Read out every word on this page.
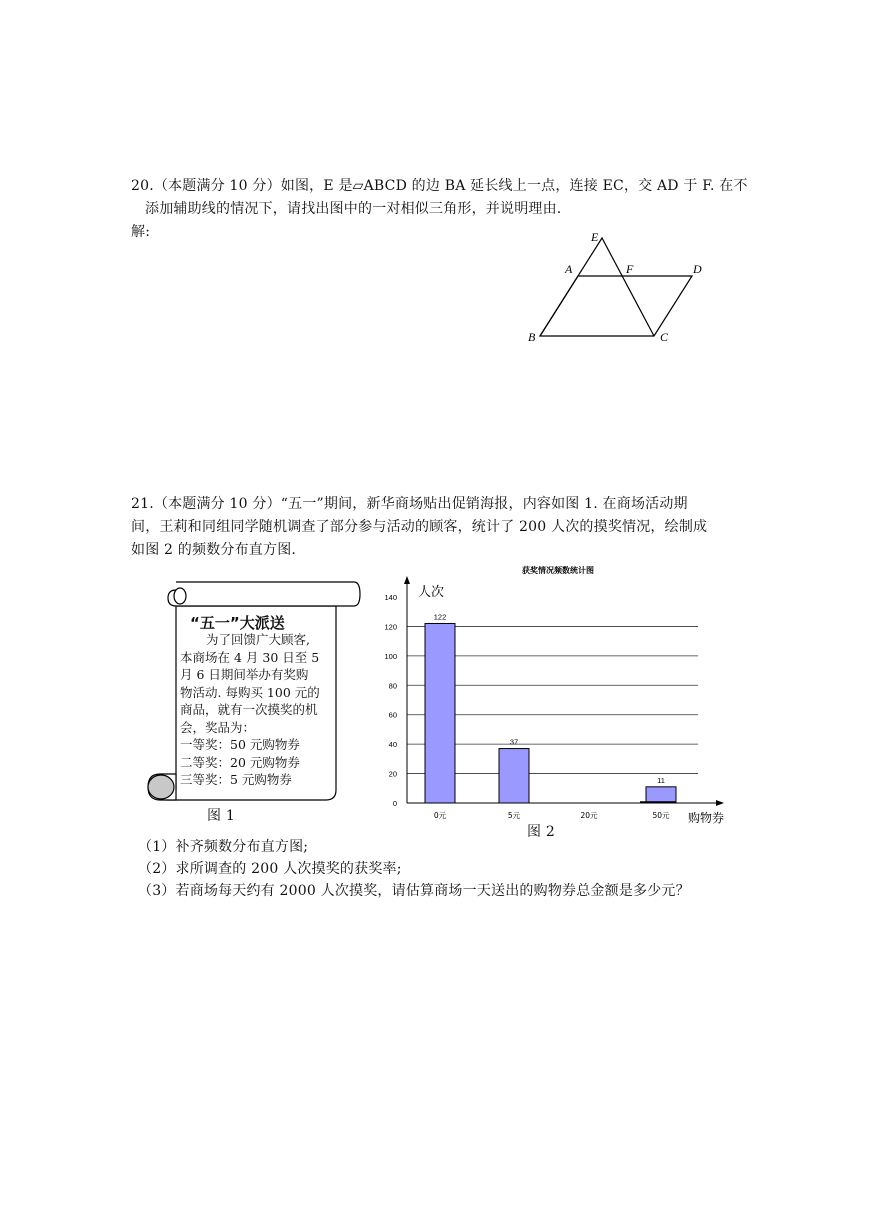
20.（本题满分 10 分）如图，E 是▱ABCD 的边 BA 延长线上一点，连接 EC，交 AD 于 F. 在不
添加辅助线的情况下，请找出图中的一对相似三角形，并说明理由.
解:	E
A	F	D
B	C
21.（本题满分 10 分）“五一”期间，新华商场贴出促销海报，内容如图 1. 在商场活动期
间，王莉和同组同学随机调查了部分参与活动的顾客，统计了 200 人次的摸奖情况，绘制成
如图 2 的频数分布直方图.
“五一”大派送
为了回馈广大顾客,
本商场在 4 月 30 日至 5
月 6 日期间举办有奖购
物活动. 每购买 100 元的
商品，就有一次摸奖的机
会，奖品为：
一等奖：50 元购物券
二等奖：20 元购物券
三等奖：5 元购物券
图 1
获奖情况频数统计图
0
20
40
60
80
100
120
140 人次
购物券
122
0元
37
5元	20元
11
50元
图 2
（1）补齐频数分布直方图;
（2）求所调查的 200 人次摸奖的获奖率;
（3）若商场每天约有 2000 人次摸奖，请估算商场一天送出的购物券总金额是多少元？
